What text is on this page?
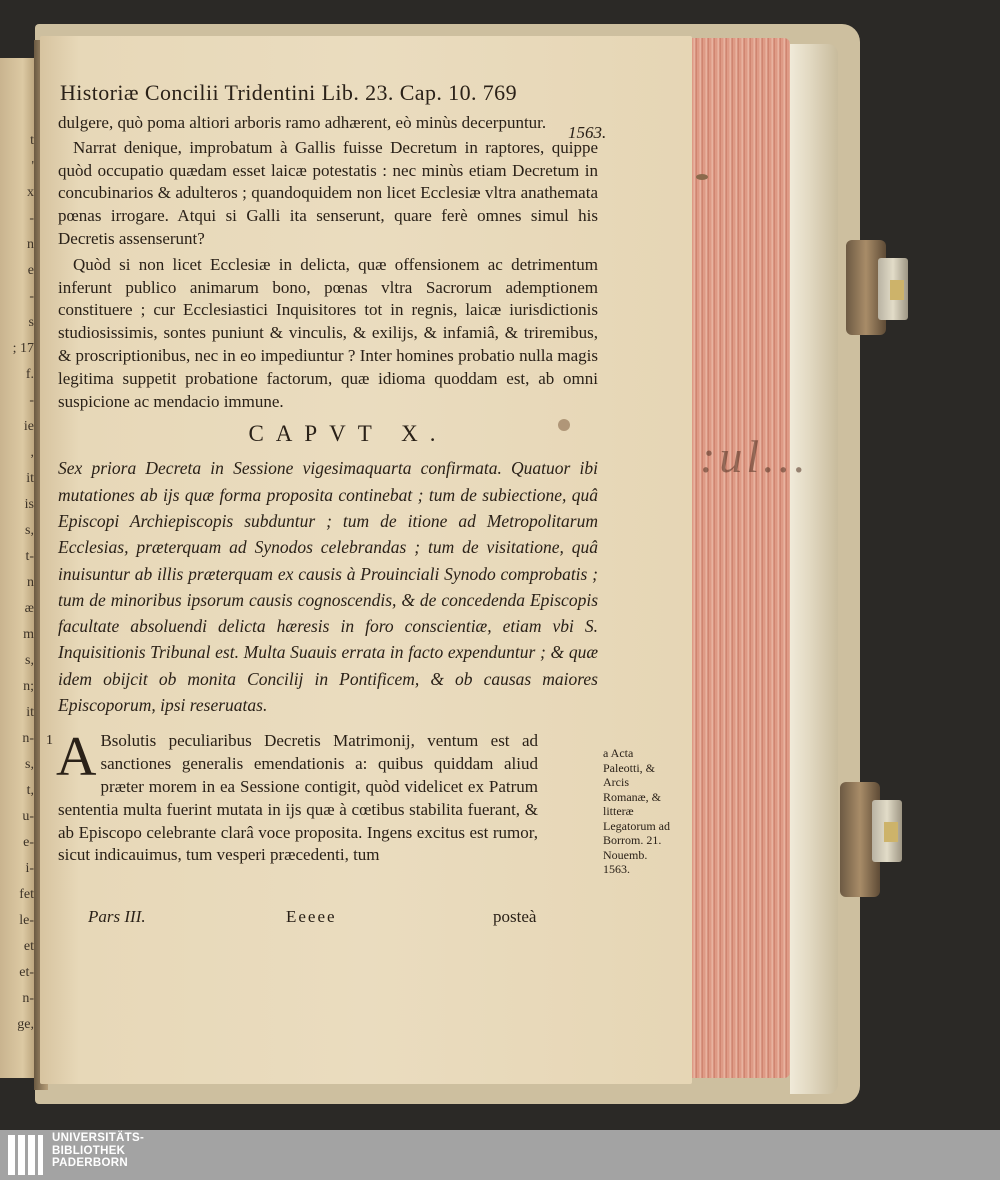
t
'
x
-
n
e
-
s
; 17
f.
-
ie
,
it
is
s,
t-
n
æ
m
s,
n;
it
n-
s,
t,
u-
e-
i-
fet
le-
et
et-
n-
ge,
:ul...
1563.
Historiæ Concilii Tridentini Lib. 23. Cap. 10. 769
dulgere, quò poma altiori arboris ramo adhærent, eò minùs decerpuntur.
Narrat denique, improbatum à Gallis fuisse Decretum in raptores, quippe quòd occupatio quædam esset laicæ potestatis : nec minùs etiam Decretum in concubinarios & adulteros ; quandoquidem non licet Ecclesiæ vltra anathemata pœnas irrogare. Atqui si Galli ita senserunt, quare ferè omnes simul his Decretis assenserunt?
Quòd si non licet Ecclesiæ in delicta, quæ offensionem ac detrimentum inferunt publico animarum bono, pœnas vltra Sacrorum ademptionem constituere ; cur Ecclesiastici Inquisitores tot in regnis, laicæ iurisdictionis studiosissimis, sontes puniunt & vinculis, & exilijs, & infamiâ, & triremibus, & proscriptionibus, nec in eo impediuntur ? Inter homines probatio nulla magis legitima suppetit probatione factorum, quæ idioma quoddam est, ab omni suspicione ac mendacio immune.
CAPVT X.
Sex priora Decreta in Sessione vigesimaquarta confirmata. Quatuor ibi mutationes ab ijs quæ forma proposita continebat ; tum de subiectione, quâ Episcopi Archiepiscopis subduntur ; tum de itione ad Metropolitarum Ecclesias, præterquam ad Synodos celebrandas ; tum de visitatione, quâ inuisuntur ab illis præterquam ex causis à Prouinciali Synodo comprobatis ; tum de minoribus ipsorum causis cognoscendis, & de concedenda Episcopis facultate absoluendi delicta hæresis in foro conscientiæ, etiam vbi S. Inquisitionis Tribunal est. Multa Suauis errata in facto expenduntur ; & quæ idem obijcit ob monita Concilij in Pontificem, & ob causas maiores Episcoporum, ipsi reseruatas.
1 A Bsolutis peculiaribus Decretis Matrimonij, ventum est ad sanctiones generalis emendationis a: quibus quiddam aliud præter morem in ea Sessione contigit, quòd videlicet ex Patrum sententia multa fuerint mutata in ijs quæ à cœtibus stabilita fuerant, & ab Episcopo celebrante clarâ voce proposita. Ingens excitus est rumor, sicut indicauimus, tum vesperi præcedenti, tum

a Acta Paleotti, & Arcis Romanæ, & litteræ Legatorum ad Borrom. 21. Nouemb. 1563.
Pars III.	Eeeee	posteà
UNIVERSITÄTS-
BIBLIOTHEK
PADERBORN
